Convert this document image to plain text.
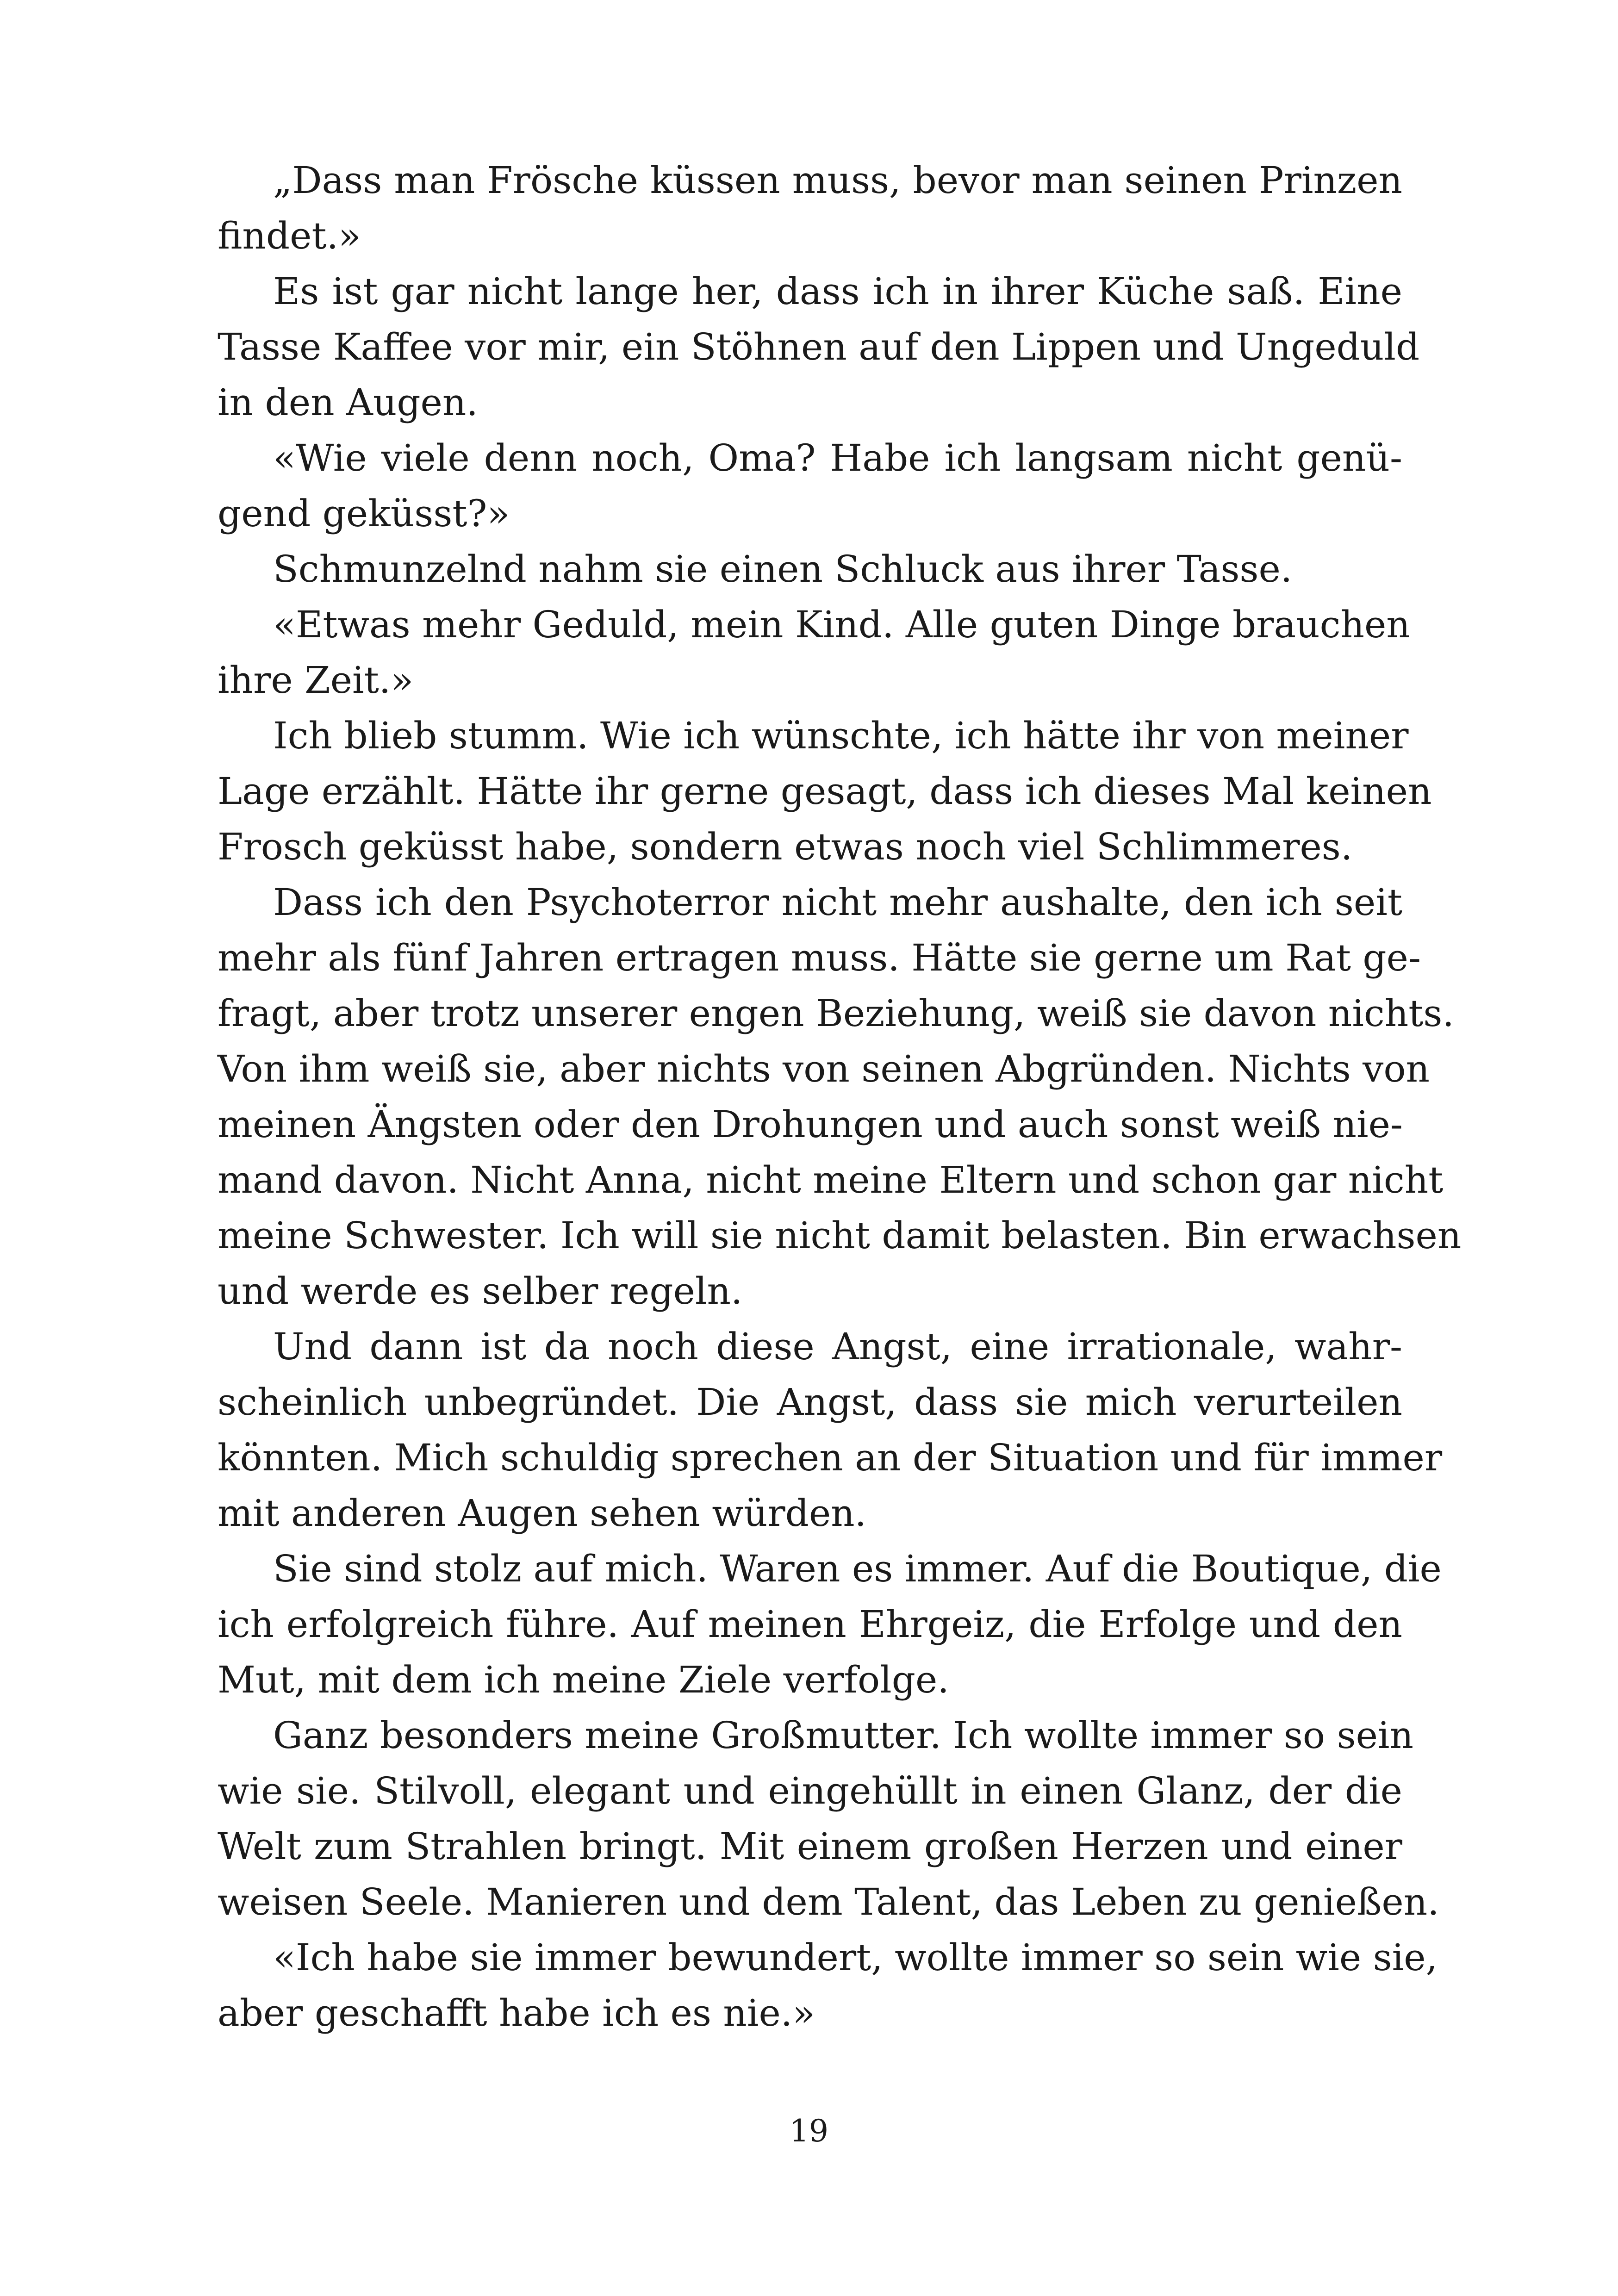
„Dass man Frösche küssen muss, bevor man seinen Prinzen
findet.»

Es ist gar nicht lange her, dass ich in ihrer Küche saß. Eine
Tasse Kaffee vor mir, ein Stöhnen auf den Lippen und Ungeduld
in den Augen.

«Wie viele denn noch, Oma? Habe ich langsam nicht genü-
gend geküsst?»

Schmunzelnd nahm sie einen Schluck aus ihrer Tasse.

«Etwas mehr Geduld, mein Kind. Alle guten Dinge brauchen
ihre Zeit.»

Ich blieb stumm. Wie ich wünschte, ich hätte ihr von meiner
Lage erzählt. Hätte ihr gerne gesagt, dass ich dieses Mal keinen
Frosch geküsst habe, sondern etwas noch viel Schlimmeres.

Dass ich den Psychoterror nicht mehr aushalte, den ich seit
mehr als fünf Jahren ertragen muss. Hätte sie gerne um Rat ge-
fragt, aber trotz unserer engen Beziehung, weiß sie davon nichts.
Von ihm weiß sie, aber nichts von seinen Abgründen. Nichts von
meinen Ängsten oder den Drohungen und auch sonst weiß nie-
mand davon. Nicht Anna, nicht meine Eltern und schon gar nicht
meine Schwester. Ich will sie nicht damit belasten. Bin erwachsen
und werde es selber regeln.

Und dann ist da noch diese Angst, eine irrationale, wahr-
scheinlich unbegründet. Die Angst, dass sie mich verurteilen
könnten. Mich schuldig sprechen an der Situation und für immer
mit anderen Augen sehen würden.

Sie sind stolz auf mich. Waren es immer. Auf die Boutique, die
ich erfolgreich führe. Auf meinen Ehrgeiz, die Erfolge und den
Mut, mit dem ich meine Ziele verfolge.

Ganz besonders meine Großmutter. Ich wollte immer so sein
wie sie. Stilvoll, elegant und eingehüllt in einen Glanz, der die
Welt zum Strahlen bringt. Mit einem großen Herzen und einer
weisen Seele. Manieren und dem Talent, das Leben zu genießen.

«Ich habe sie immer bewundert, wollte immer so sein wie sie,
aber geschafft habe ich es nie.»

19
